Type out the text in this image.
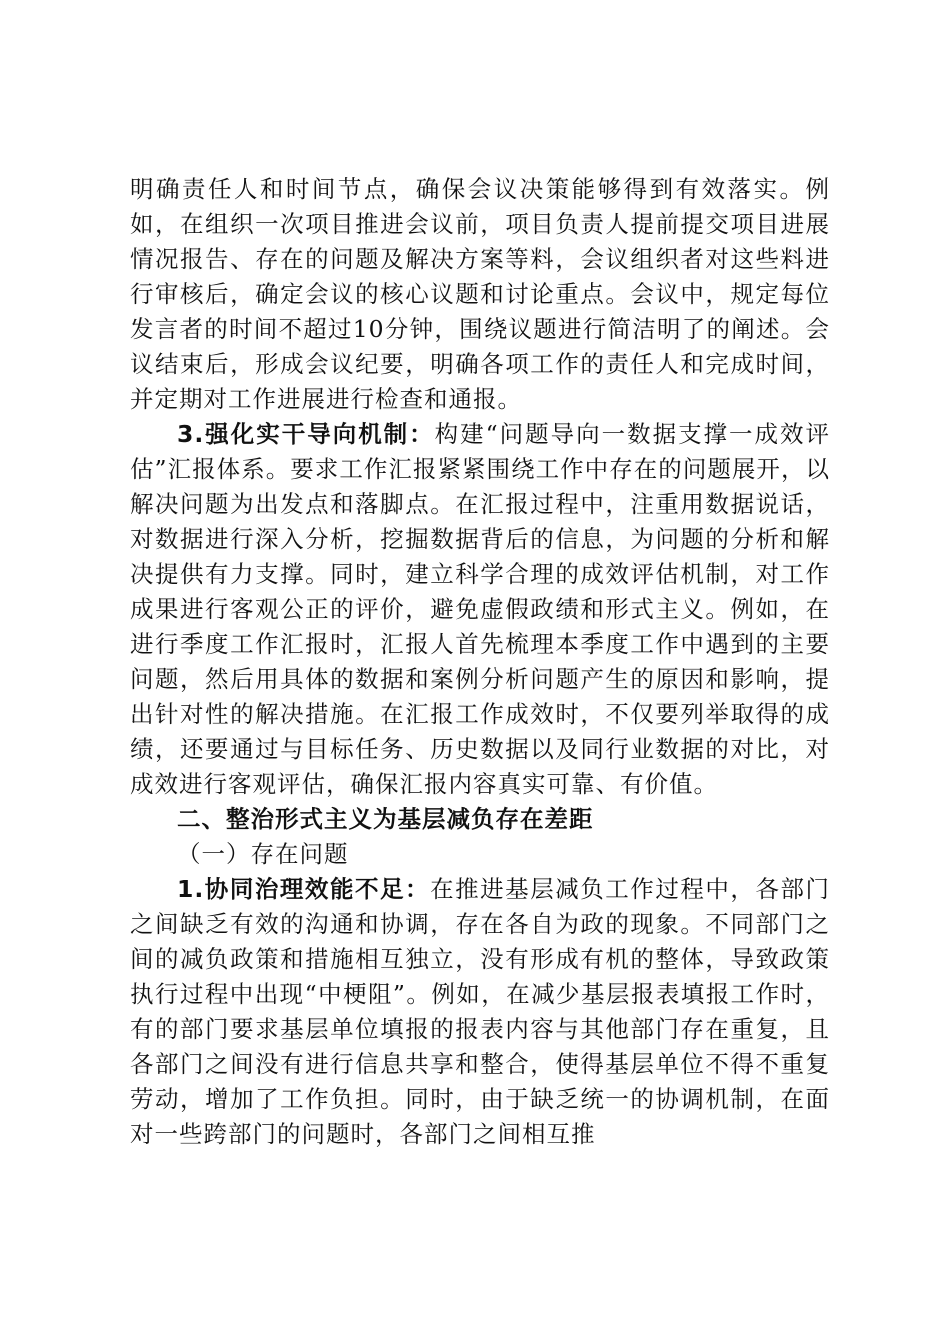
明确责任人和时间节点，确保会议决策能够得到有效落实。例如，在组织一次项目推进会议前，项目负责人提前提交项目进展情况报告、存在的问题及解决方案等料，会议组织者对这些料进行审核后，确定会议的核心议题和讨论重点。会议中，规定每位发言者的时间不超过10分钟，围绕议题进行简洁明了的阐述。会议结束后，形成会议纪要，明确各项工作的责任人和完成时间，并定期对工作进展进行检查和通报。

3.强化实干导向机制：构建“问题导向一数据支撑一成效评估”汇报体系。要求工作汇报紧紧围绕工作中存在的问题展开，以解决问题为出发点和落脚点。在汇报过程中，注重用数据说话，对数据进行深入分析，挖掘数据背后的信息，为问题的分析和解决提供有力支撑。同时，建立科学合理的成效评估机制，对工作成果进行客观公正的评价，避免虚假政绩和形式主义。例如，在进行季度工作汇报时，汇报人首先梳理本季度工作中遇到的主要问题，然后用具体的数据和案例分析问题产生的原因和影响，提出针对性的解决措施。在汇报工作成效时，不仅要列举取得的成绩，还要通过与目标任务、历史数据以及同行业数据的对比，对成效进行客观评估，确保汇报内容真实可靠、有价值。

二、整治形式主义为基层减负存在差距

（一）存在问题

1.协同治理效能不足：在推进基层减负工作过程中，各部门之间缺乏有效的沟通和协调，存在各自为政的现象。不同部门之间的减负政策和措施相互独立，没有形成有机的整体，导致政策执行过程中出现“中梗阻”。例如，在减少基层报表填报工作时，有的部门要求基层单位填报的报表内容与其他部门存在重复，且各部门之间没有进行信息共享和整合，使得基层单位不得不重复劳动，增加了工作负担。同时，由于缺乏统一的协调机制，在面对一些跨部门的问题时，各部门之间相互推
